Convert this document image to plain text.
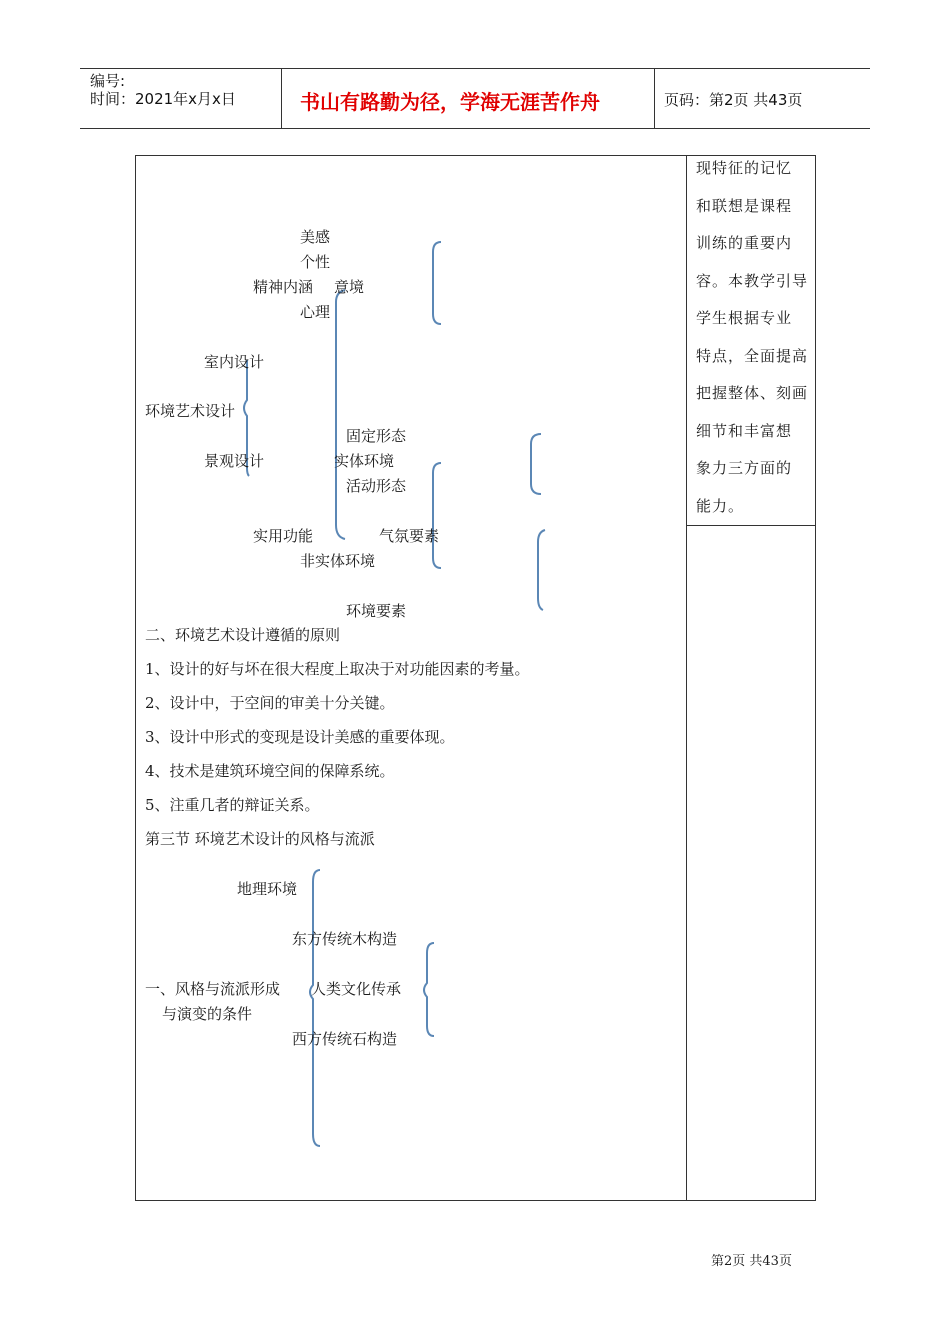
编号:
时间：2021年x月x日	书山有路勤为径，学海无涯苦作舟	页码：第2页 共43页
现特征的记忆
和联想是课程
训练的重要内
容。本教学引导
学生根据专业
特点，全面提高
把握整体、刻画
细节和丰富想
象力三方面的
能力。
美感
个性
精神内涵 意境
心理
室内设计
环境艺术设计
固定形态
景观设计	实体环境
活动形态
实用功能	气氛要素
非实体环境
环境要素
二、环境艺术设计遵循的原则
1、设计的好与坏在很大程度上取决于对功能因素的考量。
2、设计中，于空间的审美十分关键。
3、设计中形式的变现是设计美感的重要体现。
4、技术是建筑环境空间的保障系统。
5、注重几者的辩证关系。
第三节 环境艺术设计的风格与流派
地理环境
东方传统木构造
一、风格与流派形成 人类文化传承
与演变的条件
西方传统石构造
第2页 共43页
